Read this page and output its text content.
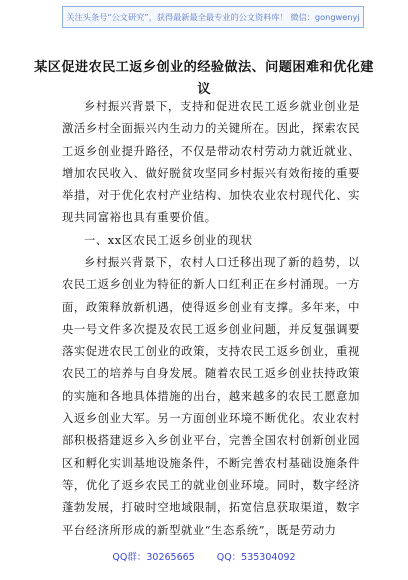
关注头条号“公文研究”，获得最新最全最专业的公文资料库！ 微信：gongwenyj
某区促进农民工返乡创业的经验做法、问题困难和优化建
议
乡村振兴背景下，支持和促进农民工返乡就业创业是激活乡村全面振兴内生动力的关键所在。因此，探索农民工返乡创业提升路径，不仅是带动农村劳动力就近就业、增加农民收入、做好脱贫攻坚同乡村振兴有效衔接的重要举措，对于优化农村产业结构、加快农业农村现代化、实现共同富裕也具有重要价值。
一、xx区农民工返乡创业的现状
乡村振兴背景下，农村人口迁移出现了新的趋势，以农民工返乡创业为特征的新人口红利正在乡村涌现。一方面，政策释放新机遇，使得返乡创业有支撑。多年来，中央一号文件多次提及农民工返乡创业问题，并反复强调要落实促进农民工创业的政策，支持农民工返乡创业，重视农民工的培养与自身发展。随着农民工返乡创业扶持政策的实施和各地具体措施的出台，越来越多的农民工愿意加入返乡创业大军。另一方面创业环境不断优化。农业农村部积极搭建返乡入乡创业平台，完善全国农村创新创业园区和孵化实训基地设施条件，不断完善农村基础设施条件等，优化了返乡农民工的就业创业环境。同时，数字经济蓬勃发展，打破时空地域限制，拓宽信息获取渠道，数字平台经济所形成的新型就业“生态系统”，既是劳动力
QQ群：30265665 QQ：535304092
